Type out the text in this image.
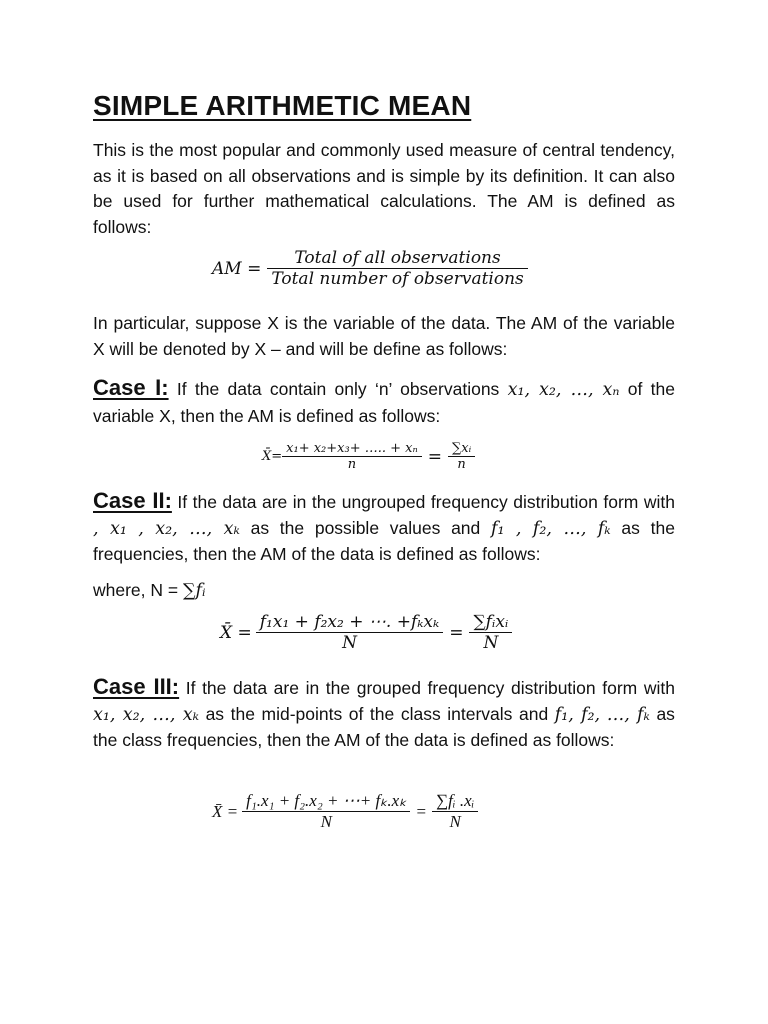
SIMPLE ARITHMETIC MEAN

This is the most popular and commonly used measure of central tendency, as it is based on all observations and is simple by its definition. It can also be used for further mathematical calculations. The AM is defined as follows:

AM = $\frac{\text{Total of all observations}}{\text{Total number of observations}}$

In particular, suppose X is the variable of the data. The AM of the variable X will be denoted by X – and will be define as follows:

Case I: If the data contain only ‘n’ observations x₁, x₂, …, xₙ of the variable X, then the AM is defined as follows:

X̄= $\frac{\text{x₁+ x₂+x₃+ ….. + xₙ}}{n} = \frac{\text{∑xᵢ}}{n}$

Case II: If the data are in the ungrouped frequency distribution form with , x₁ , x₂, …, xₖ as the possible values and f₁ , f₂, …, fₖ as the frequencies, then the AM of the data is defined as follows:

where, N = ∑fᵢ

X̄ = $\frac{\text{f₁x₁ + f₂x₂ + ⋯. +fₖxₖ}}{N} = \frac{\text{∑fᵢxᵢ}}{N}$

Case III: If the data are in the grouped frequency distribution form with x₁, x₂, …, xₖ as the mid-points of the class intervals and f₁, f₂, …, fₖ as the class frequencies, then the AM of the data is defined as follows:

X̄ = $\frac{\text{f₁.x₁ + f₂.x₂ + ⋯+ fₖ.xₖ}}{N} = \frac{\text{∑fᵢ .xᵢ}}{N}$
